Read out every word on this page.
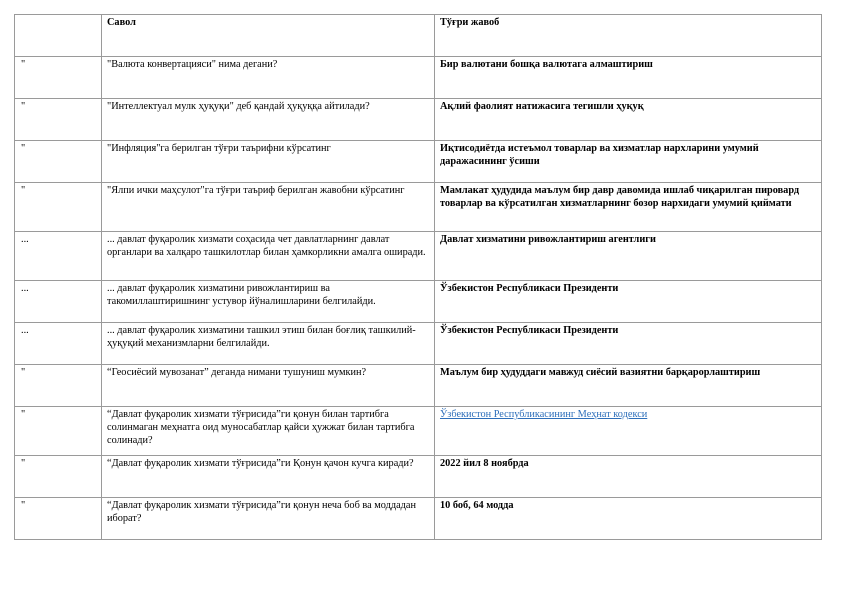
	Савол	Тўғри жавоб
"	"Валюта конвертацияси" нима дегани?	Бир валютани бошқа валютага алмаштириш
"	"Интеллектуал мулк ҳуқуқи" деб қандай ҳуқуққа айтилади?	Ақлий фаолият натижасига тегишли ҳуқуқ
"	"Инфляция"га берилган тўғри таърифни кўрсатинг	Иқтисодиётда истеъмол товарлар ва хизматлар нархларини умумий даражасининг ўсиши
"	"Ялпи ички маҳсулот"га тўғри таъриф берилган жавобни кўрсатинг	Мамлакат ҳудудида маълум бир давр давомида ишлаб чиқарилган пировард товарлар ва кўрсатилган хизматларнинг бозор нархидаги умумий қиймати
...	... давлат фуқаролик хизмати соҳасида чет давлатларнинг давлат органлари ва халқаро ташкилотлар билан ҳамкорликни амалга оширади.	Давлат хизматини ривожлантириш агентлиги
...	... давлат фуқаролик хизматини ривожлантириш ва такомиллаштиришнинг устувор йўналишларини белгилайди.	Ўзбекистон Республикаси Президенти
...	... давлат фуқаролик хизматини ташкил этиш билан боғлиқ ташкилий-ҳуқуқий механизмларни белгилайди.	Ўзбекистон Республикаси Президенти
"	“Геосиёсий мувозанат” деганда нимани тушуниш мумкин?	Маълум бир ҳудуддаги мавжуд сиёсий вазиятни барқарорлаштириш
"	“Давлат фуқаролик хизмати тўғрисида”ги қонун билан тартибга солинмаган меҳнатга оид муносабатлар қайси ҳужжат билан тартибга солинади?	Ўзбекистон Республикасининг Меҳнат кодекси
"	“Давлат фуқаролик хизмати тўғрисида”ги Қонун қачон кучга киради?	2022 йил 8 ноябрда
"	“Давлат фуқаролик хизмати тўғрисида”ги қонун неча боб ва моддадан иборат?	10 боб, 64 модда
